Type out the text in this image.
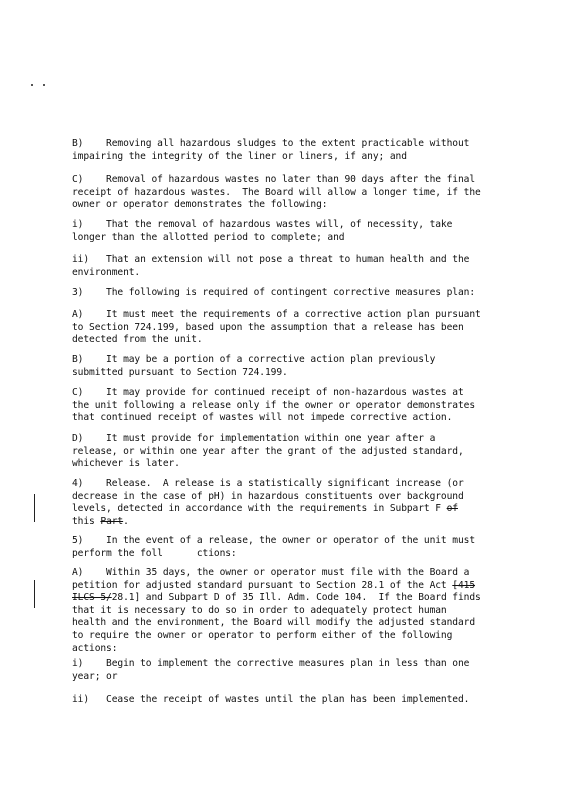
B)    Removing all hazardous sludges to the extent practicable without
impairing the integrity of the liner or liners, if any; and
C)    Removal of hazardous wastes no later than 90 days after the final
receipt of hazardous wastes.  The Board will allow a longer time, if the
owner or operator demonstrates the following:
i)    That the removal of hazardous wastes will, of necessity, take
longer than the allotted period to complete; and
ii)   That an extension will not pose a threat to human health and the
environment.
3)    The following is required of contingent corrective measures plan:
A)    It must meet the requirements of a corrective action plan pursuant
to Section 724.199, based upon the assumption that a release has been
detected from the unit.
B)    It may be a portion of a corrective action plan previously
submitted pursuant to Section 724.199.
C)    It may provide for continued receipt of non-hazardous wastes at
the unit following a release only if the owner or operator demonstrates
that continued receipt of wastes will not impede corrective action.
D)    It must provide for implementation within one year after a
release, or within one year after the grant of the adjusted standard,
whichever is later.
4)    Release.  A release is a statistically significant increase (or
decrease in the case of pH) in hazardous constituents over background
levels, detected in accordance with the requirements in Subpart F of
this Part.
5)    In the event of a release, the owner or operator of the unit must
perform the foll      ctions:
A)    Within 35 days, the owner or operator must file with the Board a
petition for adjusted standard pursuant to Section 28.1 of the Act [415
ILCS 5/28.1] and Subpart D of 35 Ill. Adm. Code 104.  If the Board finds
that it is necessary to do so in order to adequately protect human
health and the environment, the Board will modify the adjusted standard
to require the owner or operator to perform either of the following
actions:
i)    Begin to implement the corrective measures plan in less than one
year; or
ii)   Cease the receipt of wastes until the plan has been implemented.
